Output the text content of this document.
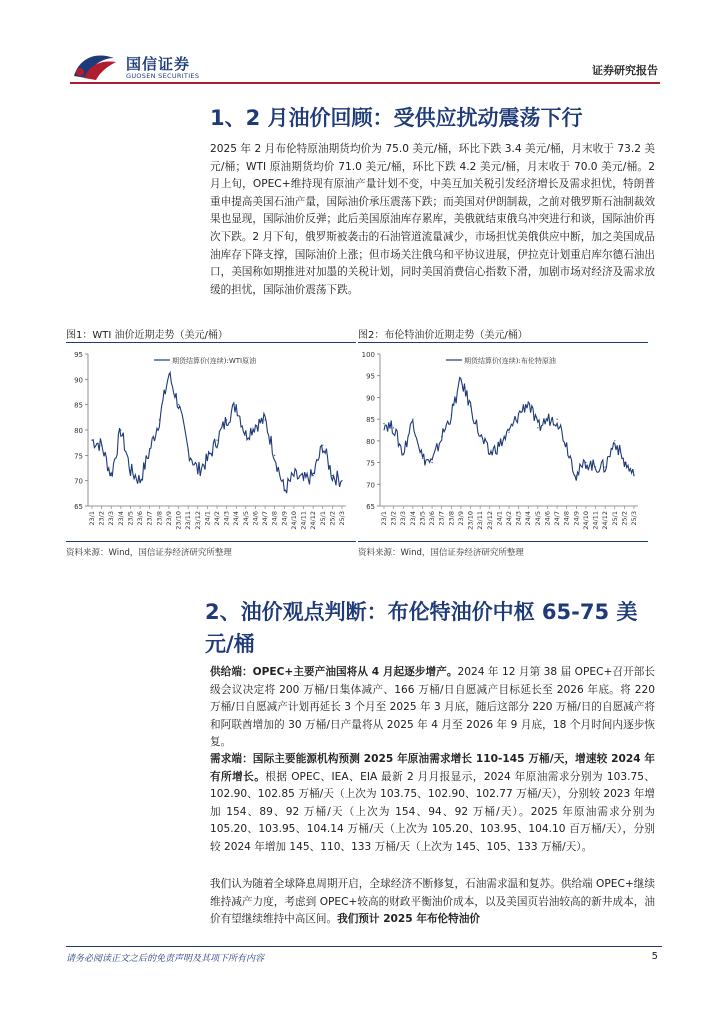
国信证券
GUOSEN SECURITIES	证券研究报告
1、2 月油价回顾：受供应扰动震荡下行
2025 年 2 月布伦特原油期货均价为 75.0 美元/桶，环比下跌 3.4 美元/桶，月末收于 73.2 美元/桶；WTI 原油期货均价 71.0 美元/桶，环比下跌 4.2 美元/桶，月末收于 70.0 美元/桶。2 月上旬，OPEC+维持现有原油产量计划不变，中美互加关税引发经济增长及需求担忧，特朗普重申提高美国石油产量，国际油价承压震荡下跌；而美国对伊朗制裁，之前对俄罗斯石油制裁效果也显现，国际油价反弹；此后美国原油库存累库，美俄就结束俄乌冲突进行和谈，国际油价再次下跌。2 月下旬，俄罗斯被袭击的石油管道流量减少，市场担忧美俄供应中断，加之美国成品油库存下降支撑，国际油价上涨；但市场关注俄乌和平协议进展，伊拉克计划重启库尔德石油出口，美国称如期推进对加墨的关税计划，同时美国消费信心指数下滑，加剧市场对经济及需求放缓的担忧，国际油价震荡下跌。
图1：WTI 油价近期走势（美元/桶）
95
90
85
80
75
70
65
23/1 23/2 23/3 23/4 23/5 23/6 23/7 23/8 23/9 23/10 23/11 23/12 24/1 24/2 24/3 24/4 24/5 24/6 24/7 24/8 24/9 24/10 24/11 24/12 25/1 25/2 25/3
期货结算价(连续):WTI原油
资料来源：Wind，国信证券经济研究所整理
图2：布伦特油价近期走势（美元/桶）
100
95
90
85
80
75
70
65
23/1 23/2 23/3 23/4 23/5 23/6 23/7 23/8 23/9 23/10 23/11 23/12 24/1 24/2 24/3 24/4 24/5 24/6 24/7 24/8 24/9 24/10 24/11 24/12 25/1 25/2 25/3
期货结算价(连续):布伦特原油
资料来源：Wind，国信证券经济研究所整理
2、油价观点判断：布伦特油价中枢 65-75 美元/桶
供给端：OPEC+主要产油国将从 4 月起逐步增产。2024 年 12 月第 38 届 OPEC+召开部长级会议决定将 200 万桶/日集体减产、166 万桶/日自愿减产目标延长至 2026 年底。将 220 万桶/日自愿减产计划再延长 3 个月至 2025 年 3 月底，随后这部分 220 万桶/日的自愿减产将和阿联酋增加的 30 万桶/日产量将从 2025 年 4 月至 2026 年 9 月底，18 个月时间内逐步恢复。
需求端：国际主要能源机构预测 2025 年原油需求增长 110-145 万桶/天，增速较 2024 年有所增长。根据 OPEC、IEA、EIA 最新 2 月月报显示，2024 年原油需求分别为 103.75、102.90、102.85 万桶/天（上次为 103.75、102.90、102.77 万桶/天），分别较 2023 年增加 154、89、92 万桶/天（上次为 154、94、92 万桶/天）。2025 年原油需求分别为 105.20、103.95、104.14 万桶/天（上次为 105.20、103.95、104.10 百万桶/天），分别较 2024 年增加 145、110、133 万桶/天（上次为 145、105、133 万桶/天）。
我们认为随着全球降息周期开启，全球经济不断修复，石油需求温和复苏。供给端 OPEC+继续维持减产力度，考虑到 OPEC+较高的财政平衡油价成本，以及美国页岩油较高的新井成本，油价有望继续维持中高区间。我们预计 2025 年布伦特油价
请务必阅读正文之后的免责声明及其项下所有内容	5
